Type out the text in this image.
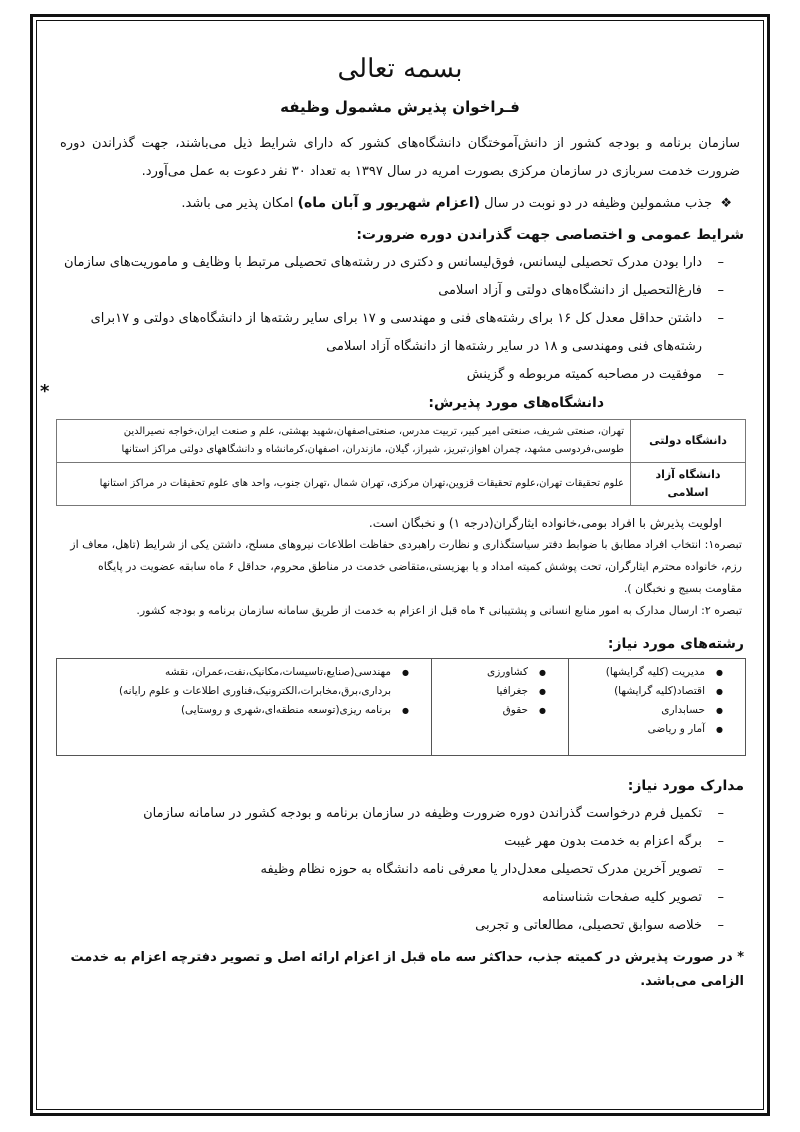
بسمه تعالی
فـراخوان پذیرش مشمول وظیفه

سازمان برنامه و بودجه کشور از دانش‌آموختگان دانشگاه‌های کشور که دارای شرایط ذیل می‌باشند، جهت گذراندن دوره ضرورت خدمت سربازی در سازمان مرکزی بصورت امریه در سال ۱۳۹۷ به تعداد ۳۰ نفر دعوت به عمل می‌آورد.

❖  جذب مشمولین وظیفه در دو نوبت در سال (اعزام شهریور و آبان ماه) امکان پذیر می باشد.
شرایط عمومی و اختصاصی جهت گذراندن دوره ضرورت:
– دارا بودن مدرک تحصیلی لیسانس، فوق‌لیسانس و دکتری در رشته‌های تحصیلی مرتبط با وظایف و ماموریت‌های سازمان
– فارغ‌التحصیل از دانشگاه‌های دولتی و آزاد اسلامی
– داشتن حداقل معدل کل ۱۶ برای رشته‌های فنی و مهندسی و ۱۷ برای سایر رشته‌ها از دانشگاه‌های دولتی و ۱۷برای رشته‌های فنی ومهندسی و ۱۸ در سایر رشته‌ها از دانشگاه آزاد اسلامی
– موفقیت در مصاحبه کمیته مربوطه و گزینش
دانشگاه‌های مورد پذیرش:
*
دانشگاه دولتی	تهران، صنعتی شریف، صنعتی امیر کبیر، تربیت مدرس، صنعتی‌اصفهان،شهید بهشتی، علم و صنعت ایران،خواجه نصیرالدین طوسی،فردوسی مشهد، چمران اهواز،تبریز، شیراز، گیلان، مازندران، اصفهان،کرمانشاه و دانشگاههای دولتی مراکز استانها
دانشگاه آزاد اسلامی	علوم تحقیقات تهران،علوم تحقیقات قزوین،تهران مرکزی، تهران شمال ،تهران جنوب، واحد های علوم تحقیقات در مراکز استانها
اولویت پذیرش با افراد بومی،خانواده ایثارگران(درجه ۱) و نخبگان است.
تبصره۱: انتخاب افراد مطابق با ضوابط دفتر سیاستگذاری و نظارت راهبردی حفاظت اطلاعات نیروهای مسلح، داشتن یکی از شرایط (تاهل، معاف از رزم، خانواده محترم ایثارگران، تحت پوشش کمیته امداد و یا بهزیستی،متقاضی خدمت در مناطق محروم، حداقل ۶ ماه سابقه عضویت در پایگاه مقاومت بسیج و نخبگان ).
تبصره ۲: ارسال مدارک به امور منابع انسانی و پشتیبانی ۴ ماه قبل از اعزام به خدمت از طریق سامانه سازمان برنامه و بودجه کشور.
رشته‌های مورد نیاز:
● مدیریت (کلیه گرایشها)
● اقتصاد(کلیه گرایشها)
● حسابداری
● آمار و ریاضی

● کشاورزی
● جغرافیا
● حقوق

● مهندسی(صنایع،تاسیسات،مکانیک،نفت،عمران، نقشه برداری،برق،مخابرات،الکترونیک،فناوری اطلاعات و علوم رایانه)
● برنامه ریزی(توسعه منطقه‌ای،شهری و روستایی)
مدارک مورد نیاز:
– تکمیل فرم درخواست گذراندن دوره ضرورت وظیفه در سازمان برنامه و بودجه کشور در سامانه سازمان
– برگه اعزام به خدمت بدون مهر غیبت
– تصویر آخرین مدرک تحصیلی معدل‌دار یا معرفی نامه دانشگاه به حوزه نظام وظیفه
– تصویر کلیه صفحات شناسنامه
– خلاصه سوابق تحصیلی، مطالعاتی و تجربی
* در صورت پذیرش در کمیته جذب، حداکثر سه ماه قبل از اعزام ارائه اصل و تصویر دفترچه اعزام به خدمت الزامی می‌باشد.
